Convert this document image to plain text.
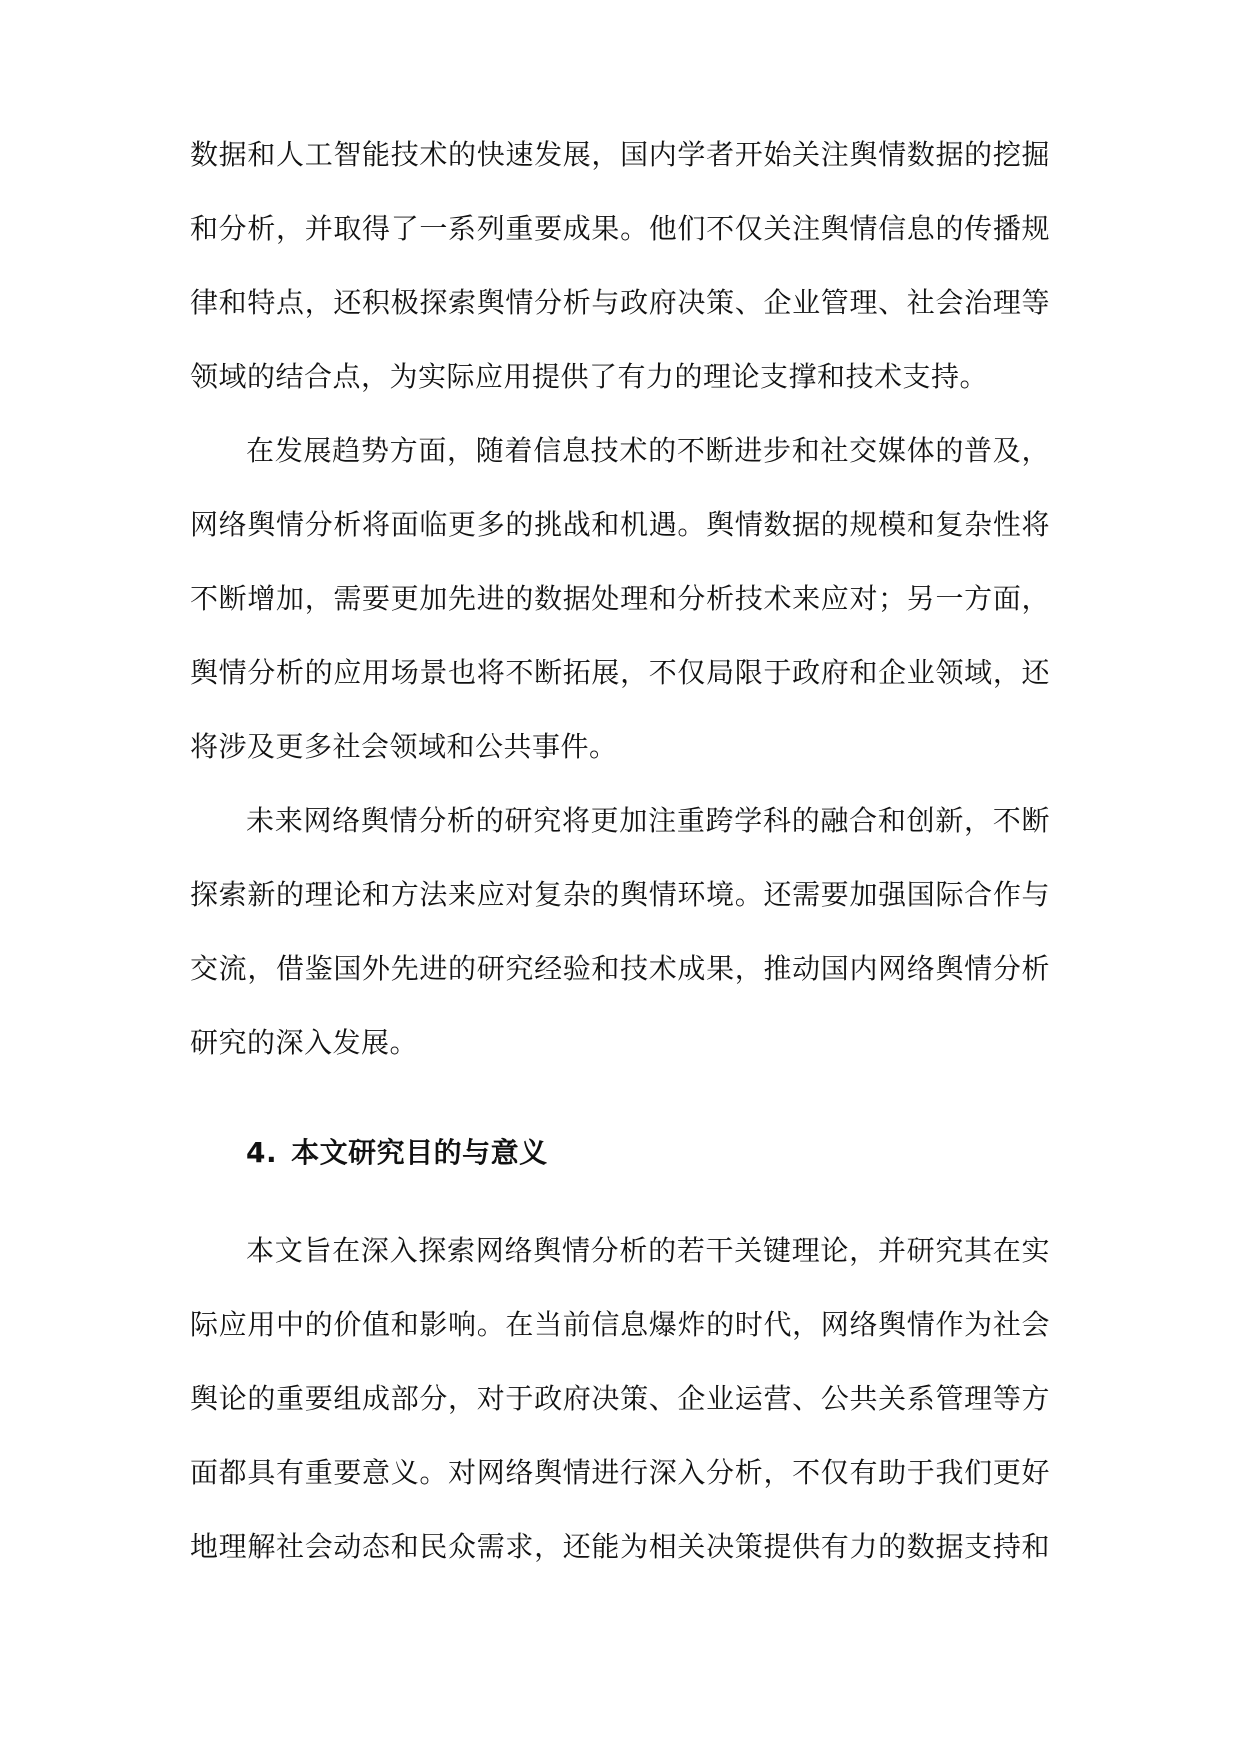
数据和人工智能技术的快速发展，国内学者开始关注舆情数据的挖掘
和分析，并取得了一系列重要成果。他们不仅关注舆情信息的传播规
律和特点，还积极探索舆情分析与政府决策、企业管理、社会治理等
领域的结合点，为实际应用提供了有力的理论支撑和技术支持。
在发展趋势方面，随着信息技术的不断进步和社交媒体的普及，
网络舆情分析将面临更多的挑战和机遇。舆情数据的规模和复杂性将
不断增加，需要更加先进的数据处理和分析技术来应对；另一方面，
舆情分析的应用场景也将不断拓展，不仅局限于政府和企业领域，还
将涉及更多社会领域和公共事件。
未来网络舆情分析的研究将更加注重跨学科的融合和创新，不断
探索新的理论和方法来应对复杂的舆情环境。还需要加强国际合作与
交流，借鉴国外先进的研究经验和技术成果，推动国内网络舆情分析
研究的深入发展。
4. 本文研究目的与意义
本文旨在深入探索网络舆情分析的若干关键理论，并研究其在实
际应用中的价值和影响。在当前信息爆炸的时代，网络舆情作为社会
舆论的重要组成部分，对于政府决策、企业运营、公共关系管理等方
面都具有重要意义。对网络舆情进行深入分析，不仅有助于我们更好
地理解社会动态和民众需求，还能为相关决策提供有力的数据支持和
